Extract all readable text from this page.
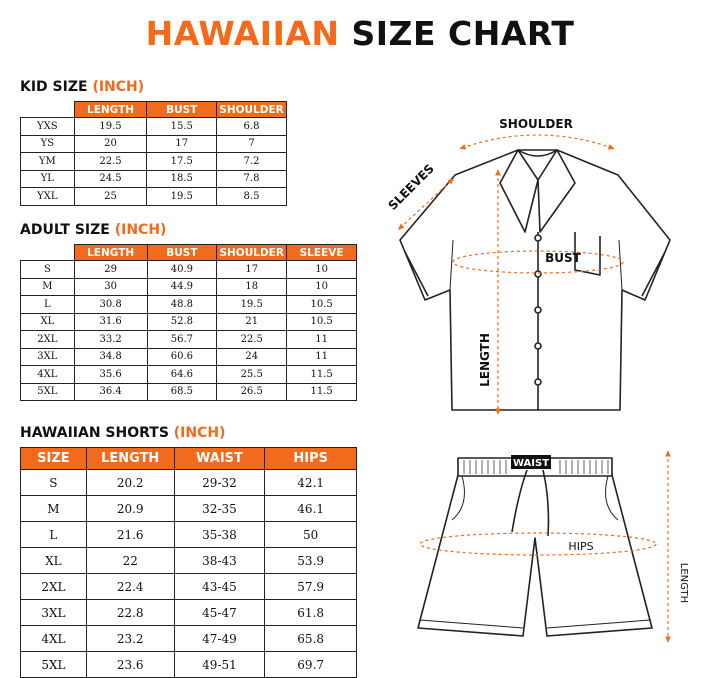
HAWAIIAN SIZE CHART
KID SIZE (INCH)
	LENGTH	BUST	SHOULDER
YXS	19.5	15.5	6.8
YS	20	17	7
YM	22.5	17.5	7.2
YL	24.5	18.5	7.8
YXL	25	19.5	8.5
ADULT SIZE (INCH)
	LENGTH	BUST	SHOULDER	SLEEVE
S	29	40.9	17	10
M	30	44.9	18	10
L	30.8	48.8	19.5	10.5
XL	31.6	52.8	21	10.5
2XL	33.2	56.7	22.5	11
3XL	34.8	60.6	24	11
4XL	35.6	64.6	25.5	11.5
5XL	36.4	68.5	26.5	11.5
HAWAIIAN SHORTS (INCH)
SIZE	LENGTH	WAIST	HIPS
S	20.2	29-32	42.1
M	20.9	32-35	46.1
L	21.6	35-38	50
XL	22	38-43	53.9
2XL	22.4	43-45	57.9
3XL	22.8	45-47	61.8
4XL	23.2	47-49	65.8
5XL	23.6	49-51	69.7
SHOULDER
SLEEVES
BUST
LENGTH
WAIST
HIPS
LENGTH
